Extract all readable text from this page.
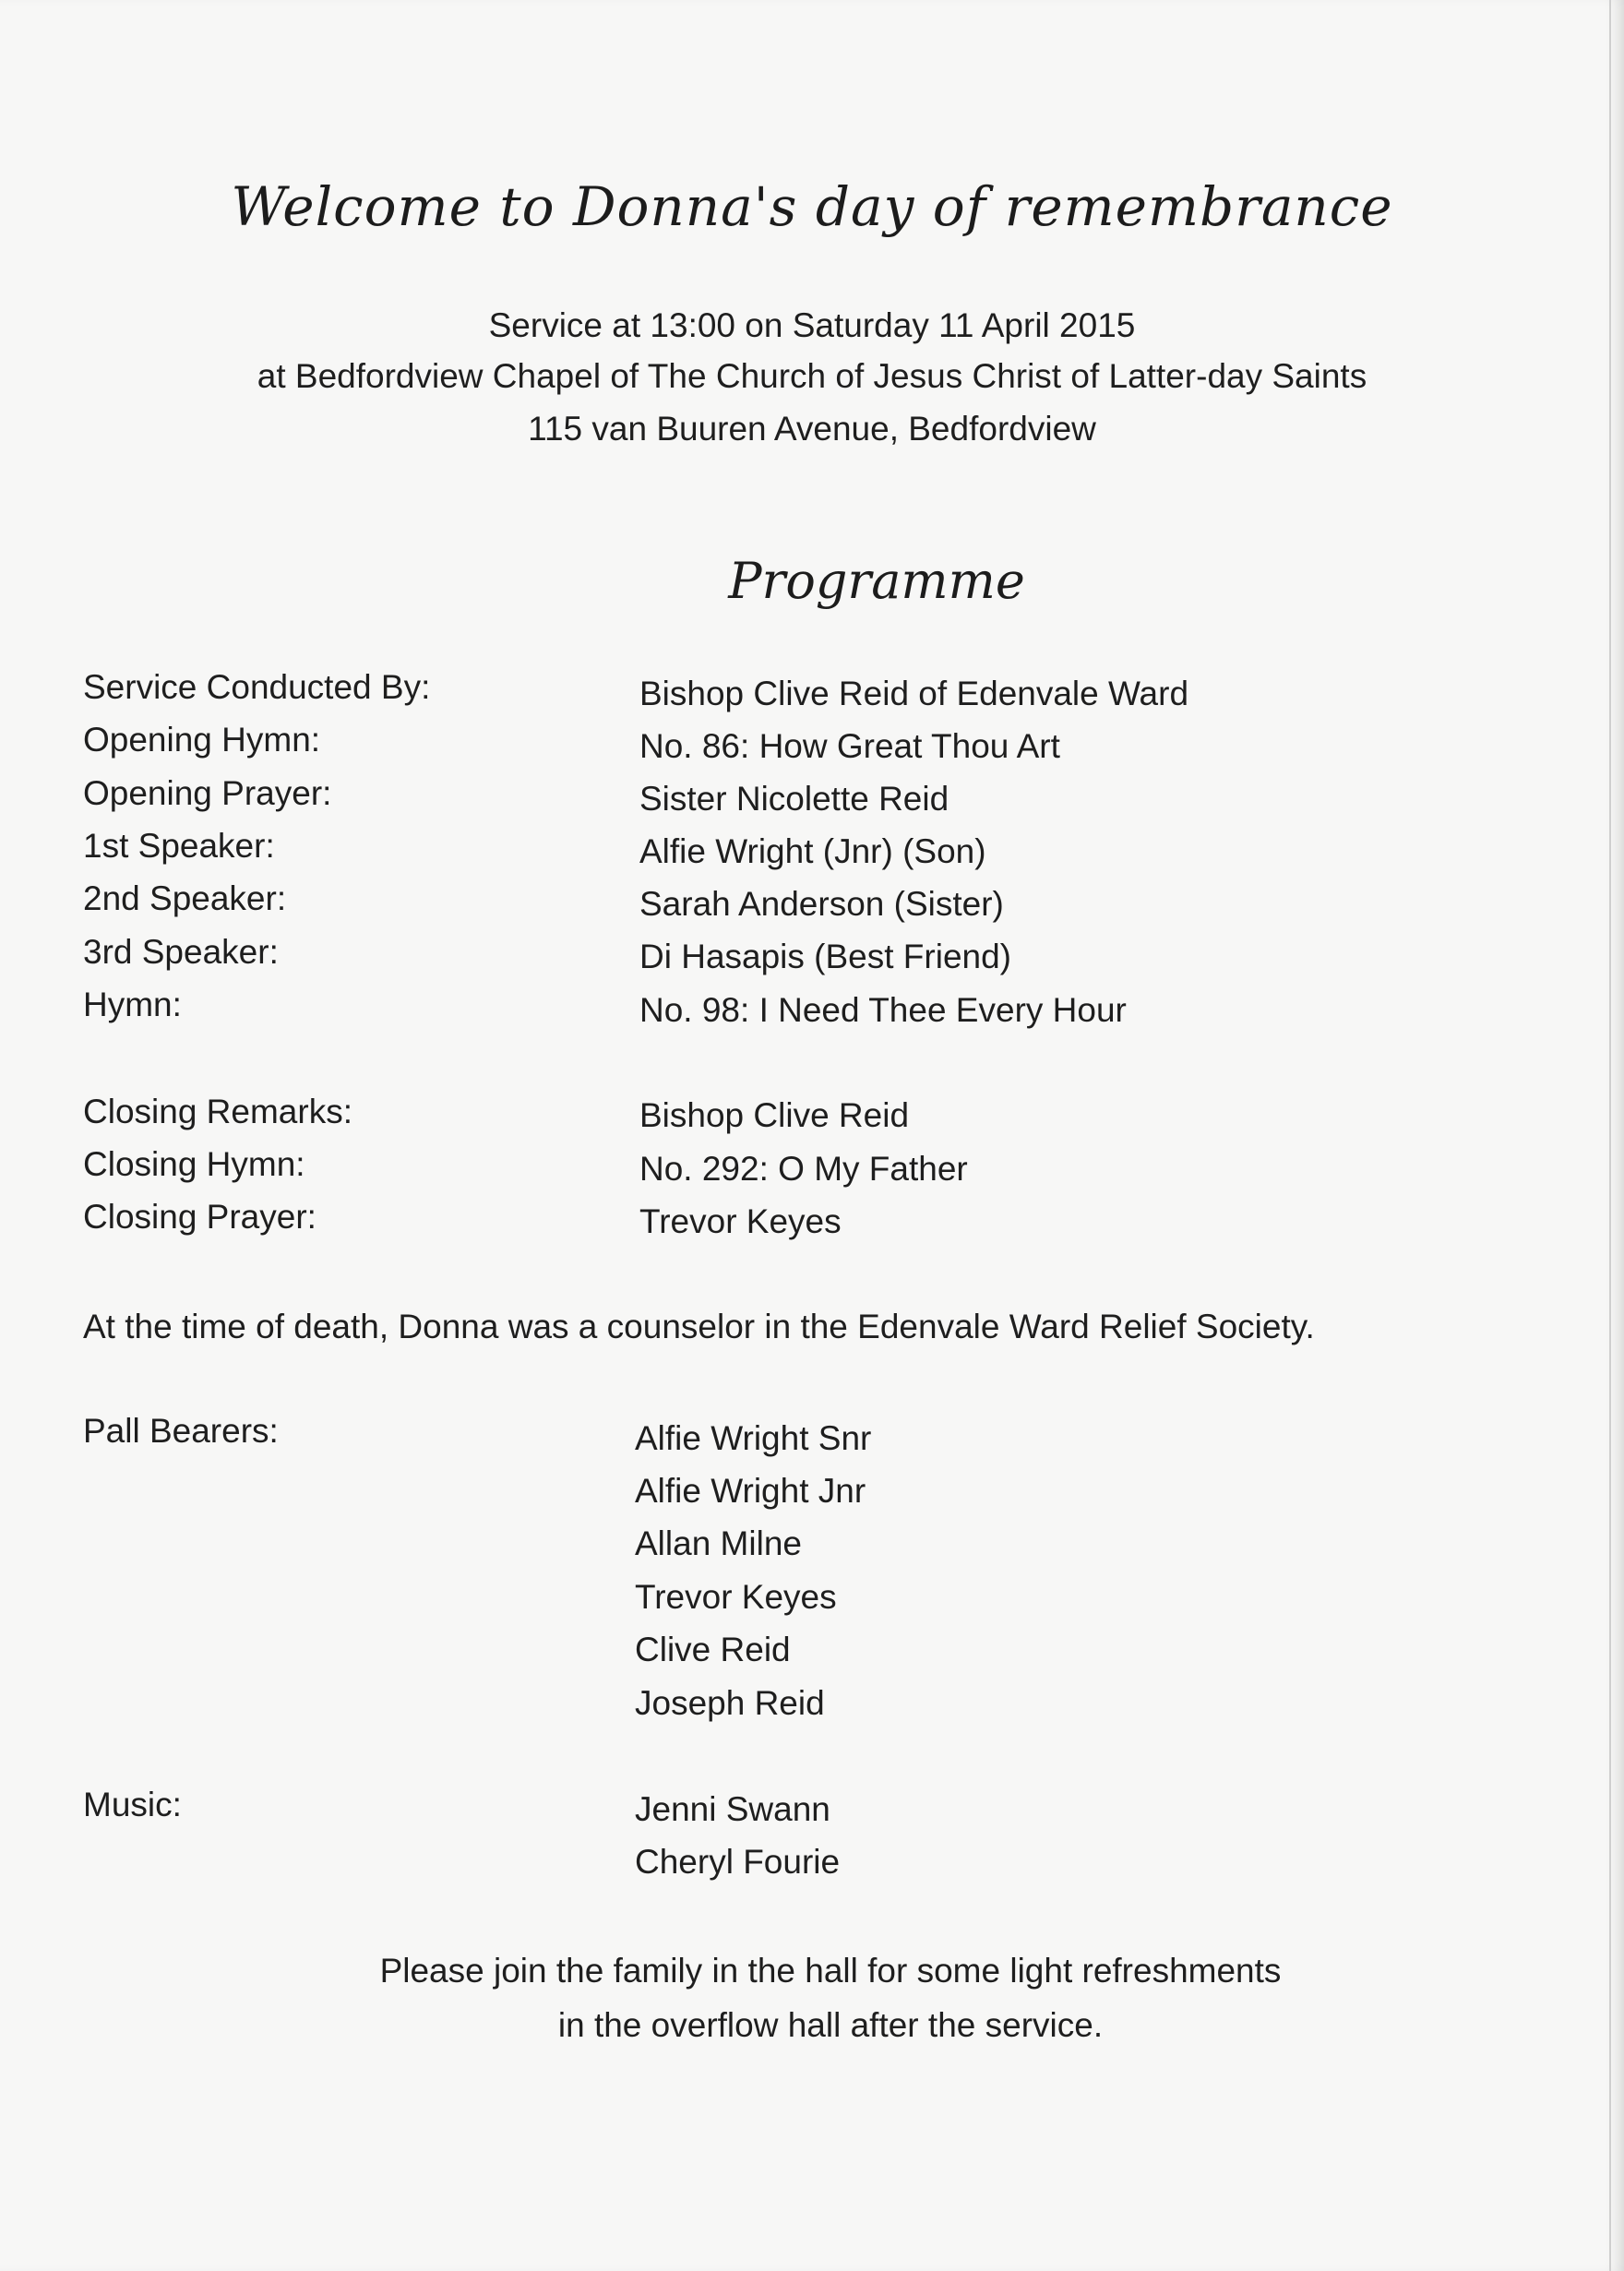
Welcome to Donna's day of remembrance
Service at 13:00 on Saturday 11 April 2015
at Bedfordview Chapel of The Church of Jesus Christ of Latter-day Saints
115 van Buuren Avenue, Bedfordview
Programme
Service Conducted By:	Bishop Clive Reid of Edenvale Ward
Opening Hymn:	No. 86: How Great Thou Art
Opening Prayer:	Sister Nicolette Reid
1st Speaker:	Alfie Wright (Jnr) (Son)
2nd Speaker:	Sarah Anderson (Sister)
3rd Speaker:	Di Hasapis (Best Friend)
Hymn:	No. 98: I Need Thee Every Hour
Closing Remarks:	Bishop Clive Reid
Closing Hymn:	No. 292: O My Father
Closing Prayer:	Trevor Keyes
At the time of death, Donna was a counselor in the Edenvale Ward Relief Society.
Pall Bearers:	Alfie Wright Snr
Alfie Wright Jnr
Allan Milne
Trevor Keyes
Clive Reid
Joseph Reid
Music:	Jenni Swann
Cheryl Fourie
Please join the family in the hall for some light refreshments
in the overflow hall after the service.
